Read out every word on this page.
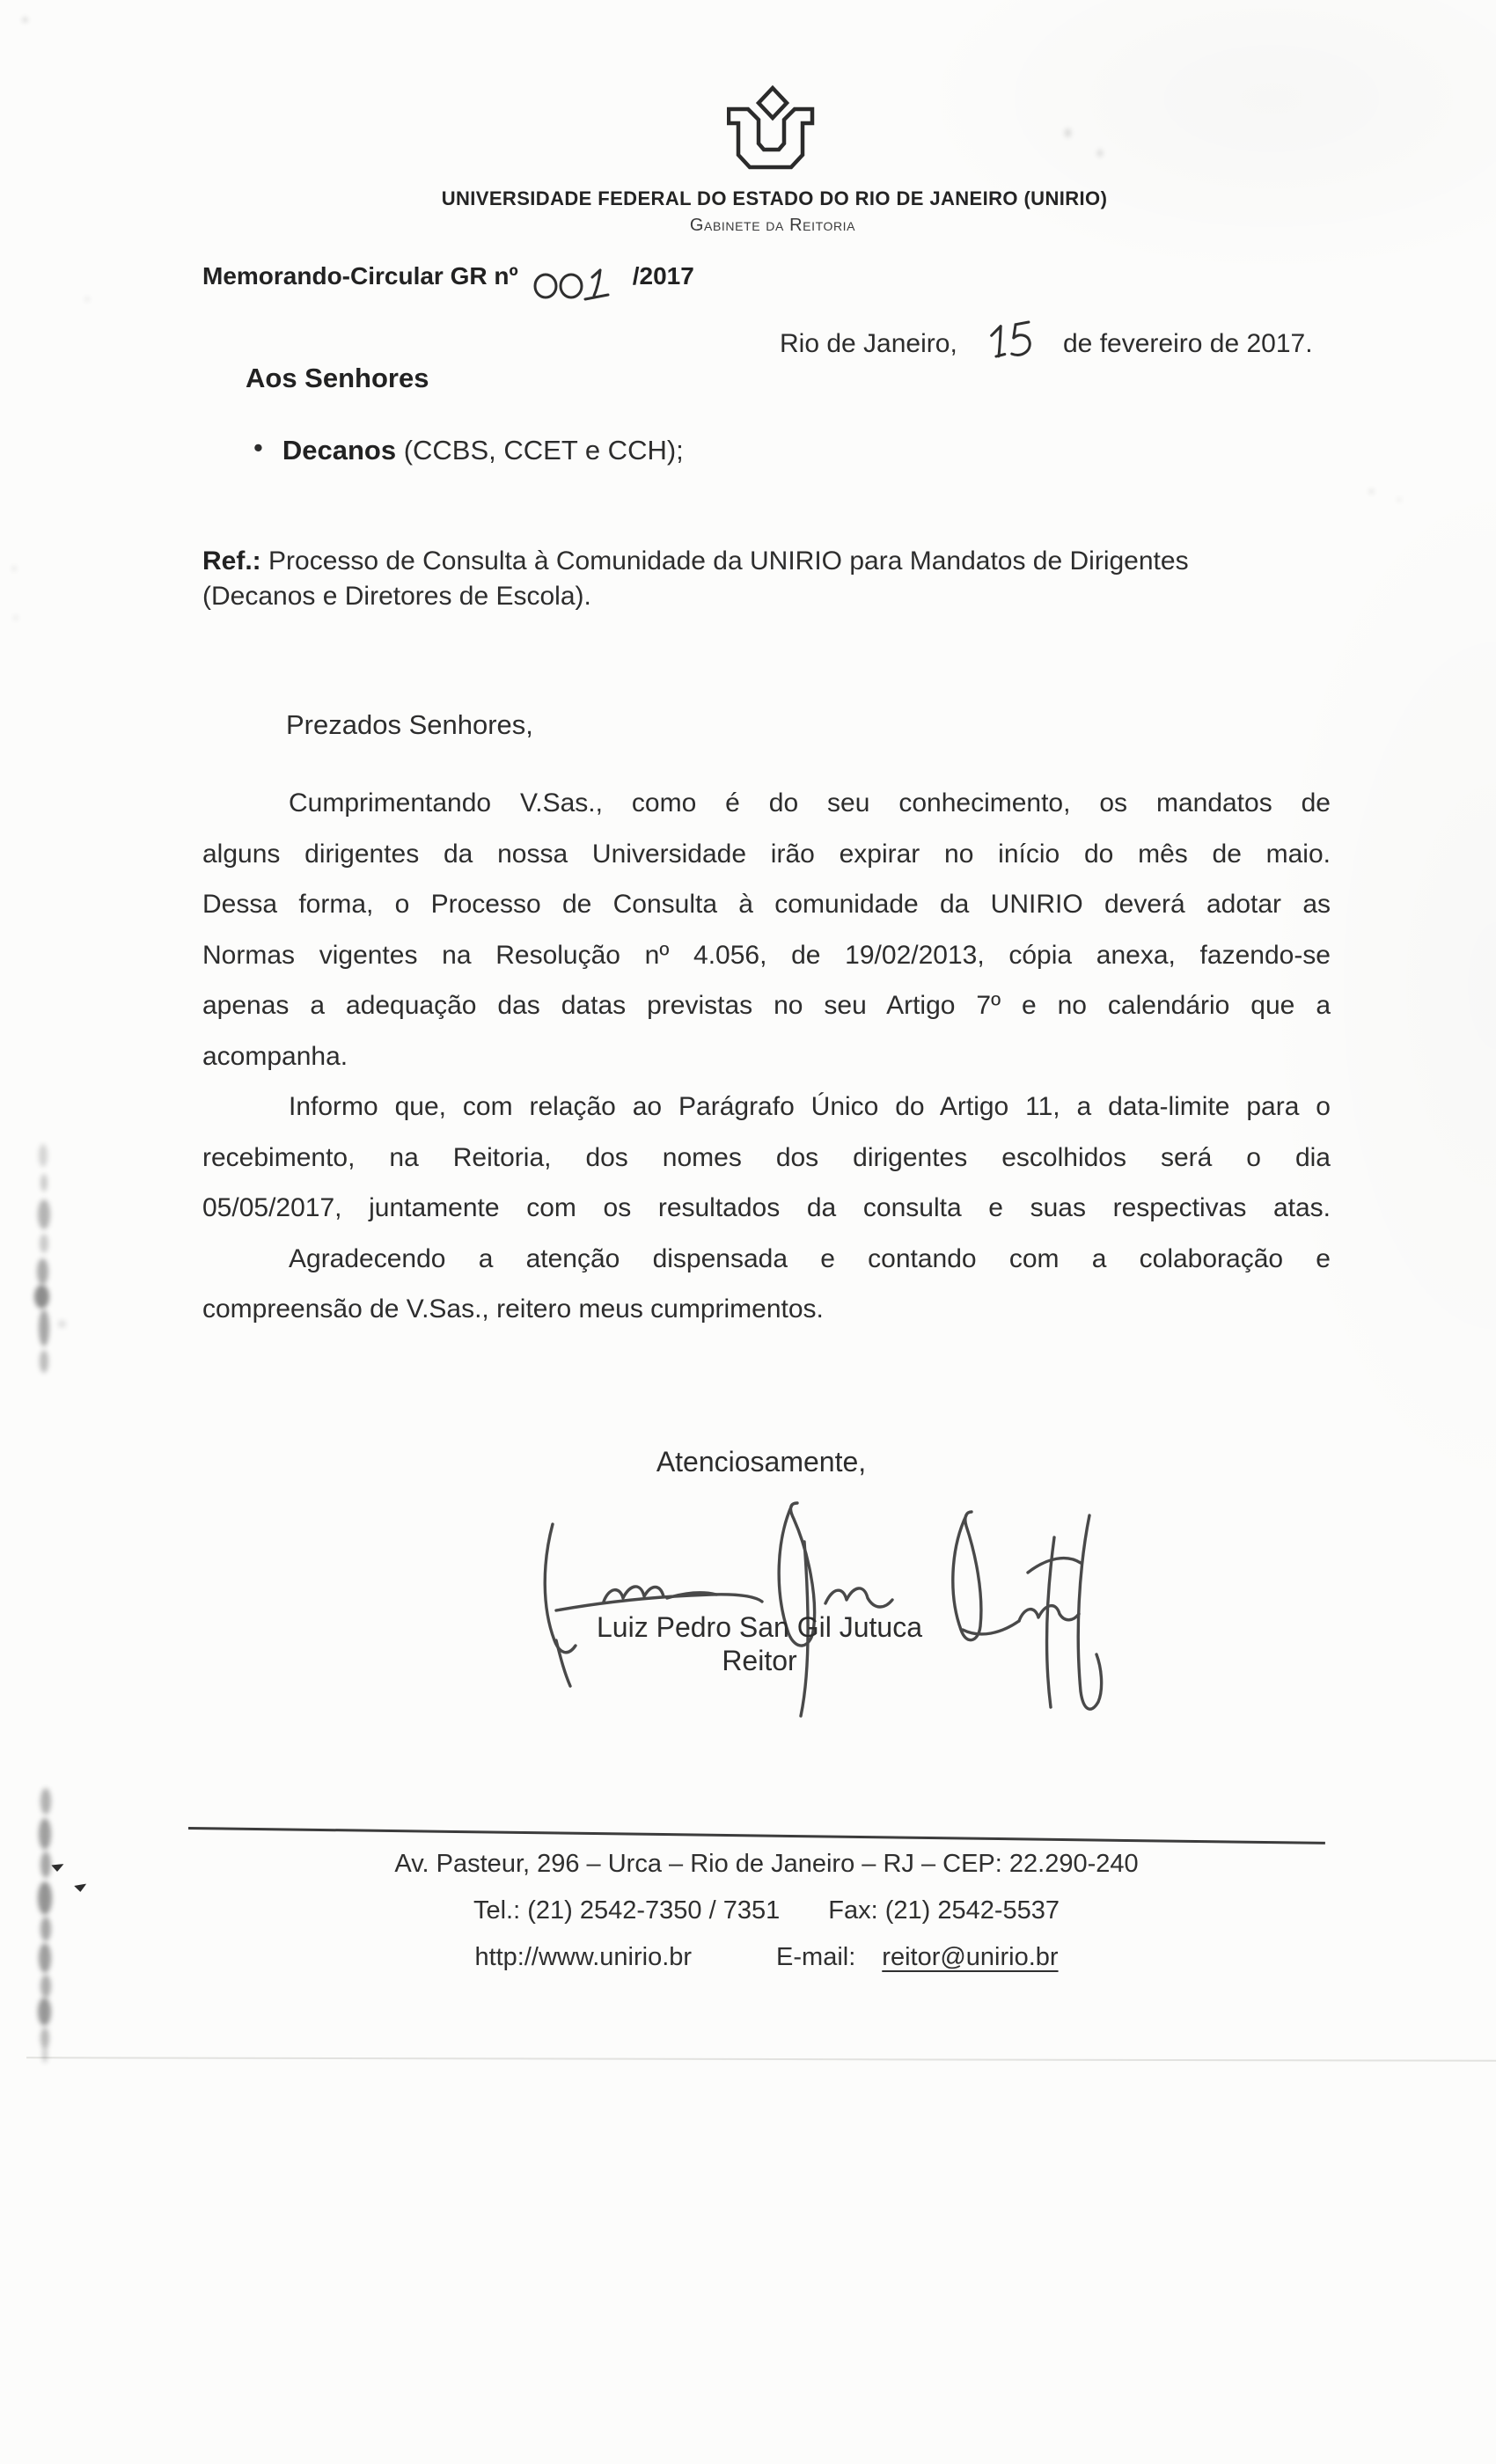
UNIVERSIDADE FEDERAL DO ESTADO DO RIO DE JANEIRO (UNIRIO)
Gabinete da Reitoria
Memorando-Circular GR nº	/2017
Rio de Janeiro,	de fevereiro de 2017.
Aos Senhores
• Decanos (CCBS, CCET e CCH);
Ref.: Processo de Consulta à Comunidade da UNIRIO para Mandatos de Dirigentes
(Decanos e Diretores de Escola).
Prezados Senhores,
Cumprimentando V.Sas., como é do seu conhecimento, os mandatos de
alguns dirigentes da nossa Universidade irão expirar no início do mês de maio.
Dessa forma, o Processo de Consulta à comunidade da UNIRIO deverá adotar as
Normas vigentes na Resolução nº 4.056, de 19/02/2013, cópia anexa, fazendo-se
apenas a adequação das datas previstas no seu Artigo 7º e no calendário que a
acompanha.
Informo que, com relação ao Parágrafo Único do Artigo 11, a data-limite para o
recebimento, na Reitoria, dos nomes dos dirigentes escolhidos será o dia
05/05/2017, juntamente com os resultados da consulta e suas respectivas atas.
Agradecendo a atenção dispensada e contando com a colaboração e
compreensão de V.Sas., reitero meus cumprimentos.
Atenciosamente,
Luiz Pedro San Gil Jutuca
Reitor
Av. Pasteur, 296 – Urca – Rio de Janeiro – RJ – CEP: 22.290-240
Tel.: (21) 2542-7350 / 7351 Fax: (21) 2542-5537
http://www.unirio.br	E-mail: reitor@unirio.br
